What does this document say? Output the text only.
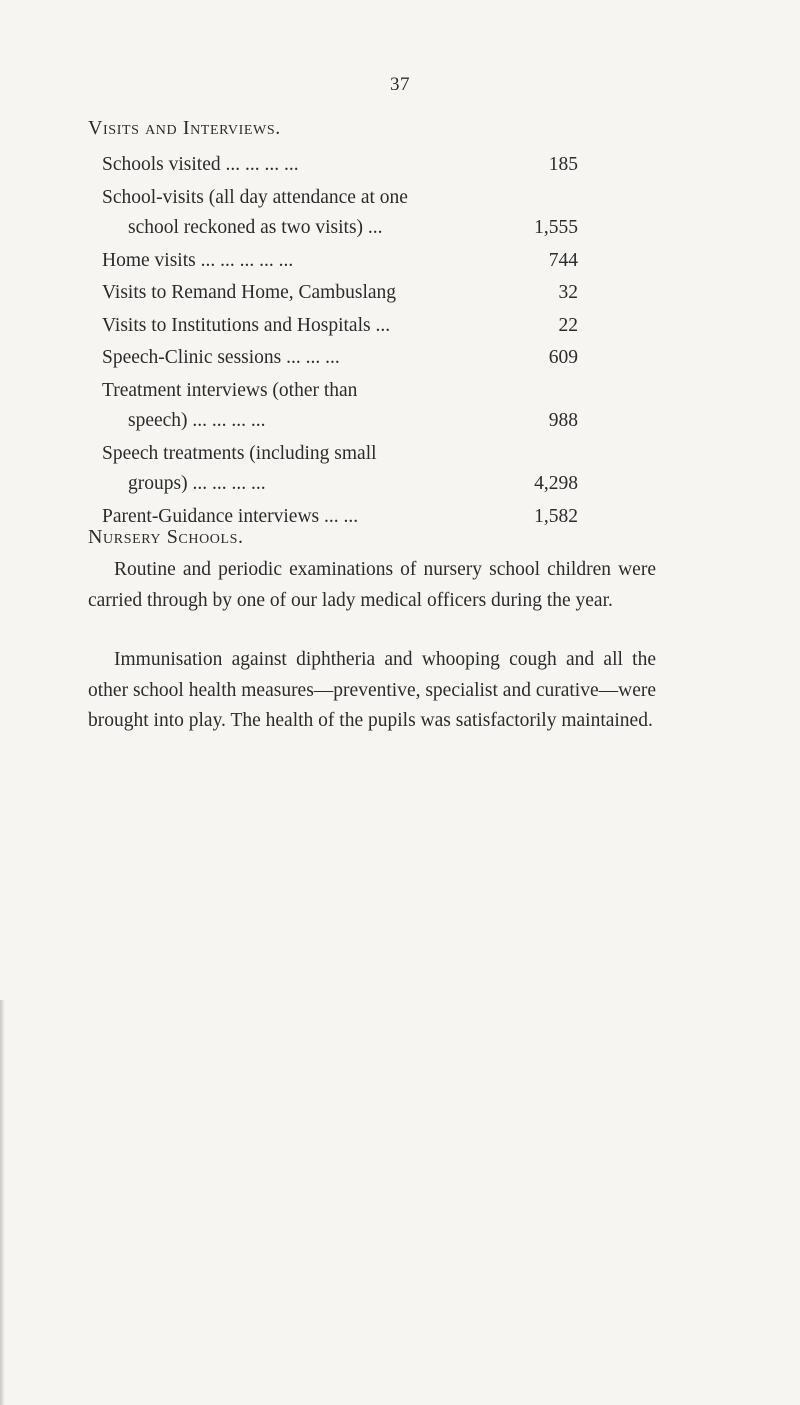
37
Visits and Interviews.
Schools visited ... ... ... ...	185
School-visits (all day attendance at one
school reckoned as two visits) ...	1,555
Home visits ... ... ... ... ...	744
Visits to Remand Home, Cambuslang	32
Visits to Institutions and Hospitals ...	22
Speech-Clinic sessions ... ... ...	609
Treatment interviews (other than
speech) ... ... ... ...	988
Speech treatments (including small
groups) ... ... ... ...	4,298
Parent-Guidance interviews ... ...	1,582
Nursery Schools.

Routine and periodic examinations of nursery school children were carried through by one of our lady medical officers during the year.

Immunisation against diphtheria and whooping cough and all the other school health measures—preventive, specialist and curative—were brought into play. The health of the pupils was satisfactorily maintained.
